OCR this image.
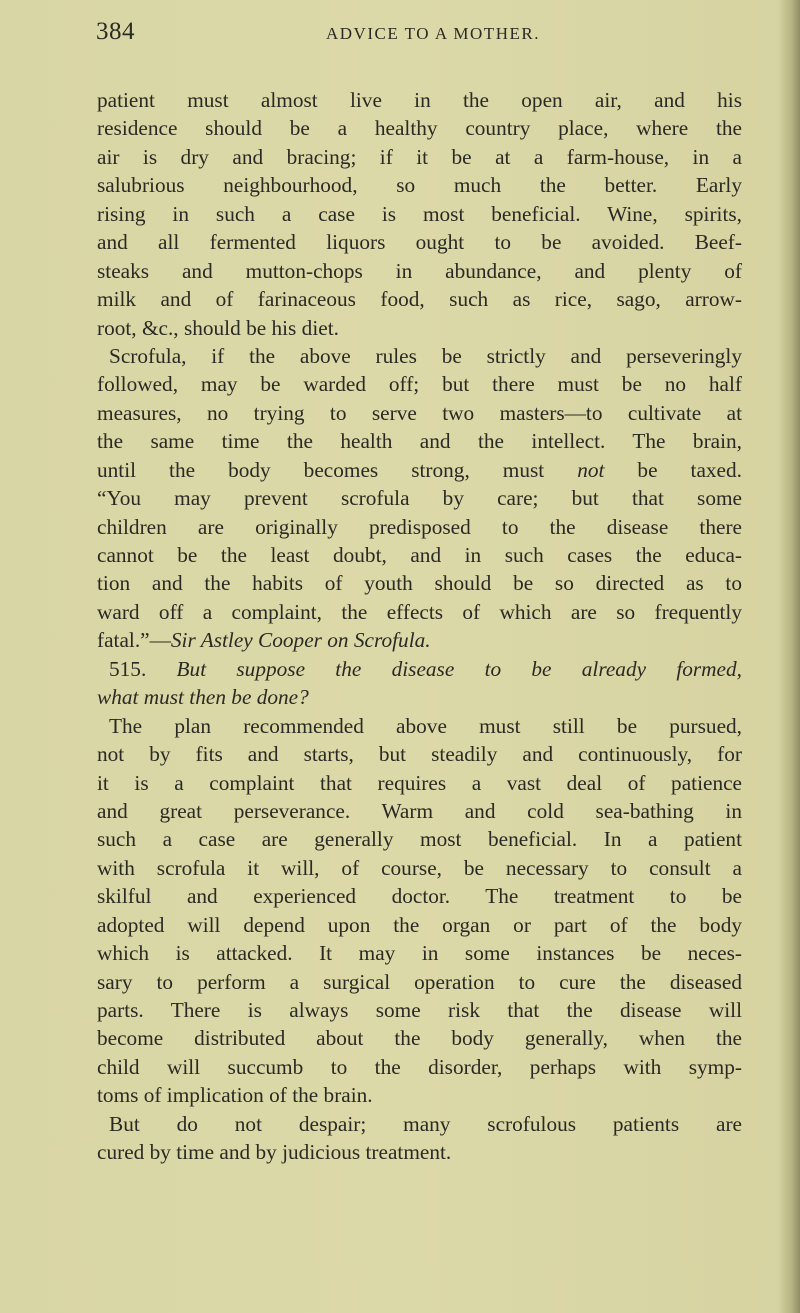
384	ADVICE TO A MOTHER.
patient must almost live in the open air, and his
residence should be a healthy country place, where the
air is dry and bracing; if it be at a farm-house, in a
salubrious neighbourhood, so much the better. Early
rising in such a case is most beneficial. Wine, spirits,
and all fermented liquors ought to be avoided. Beef-
steaks and mutton-chops in abundance, and plenty of
milk and of farinaceous food, such as rice, sago, arrow-
root, &c., should be his diet.
Scrofula, if the above rules be strictly and perseveringly
followed, may be warded off; but there must be no half
measures, no trying to serve two masters—to cultivate at
the same time the health and the intellect. The brain,
until the body becomes strong, must not be taxed.
“You may prevent scrofula by care; but that some
children are originally predisposed to the disease there
cannot be the least doubt, and in such cases the educa-
tion and the habits of youth should be so directed as to
ward off a complaint, the effects of which are so frequently
fatal.”—Sir Astley Cooper on Scrofula.
515. But suppose the disease to be already formed,
what must then be done?
The plan recommended above must still be pursued,
not by fits and starts, but steadily and continuously, for
it is a complaint that requires a vast deal of patience
and great perseverance. Warm and cold sea-bathing in
such a case are generally most beneficial. In a patient
with scrofula it will, of course, be necessary to consult a
skilful and experienced doctor. The treatment to be
adopted will depend upon the organ or part of the body
which is attacked. It may in some instances be neces-
sary to perform a surgical operation to cure the diseased
parts. There is always some risk that the disease will
become distributed about the body generally, when the
child will succumb to the disorder, perhaps with symp-
toms of implication of the brain.
But do not despair; many scrofulous patients are
cured by time and by judicious treatment.
